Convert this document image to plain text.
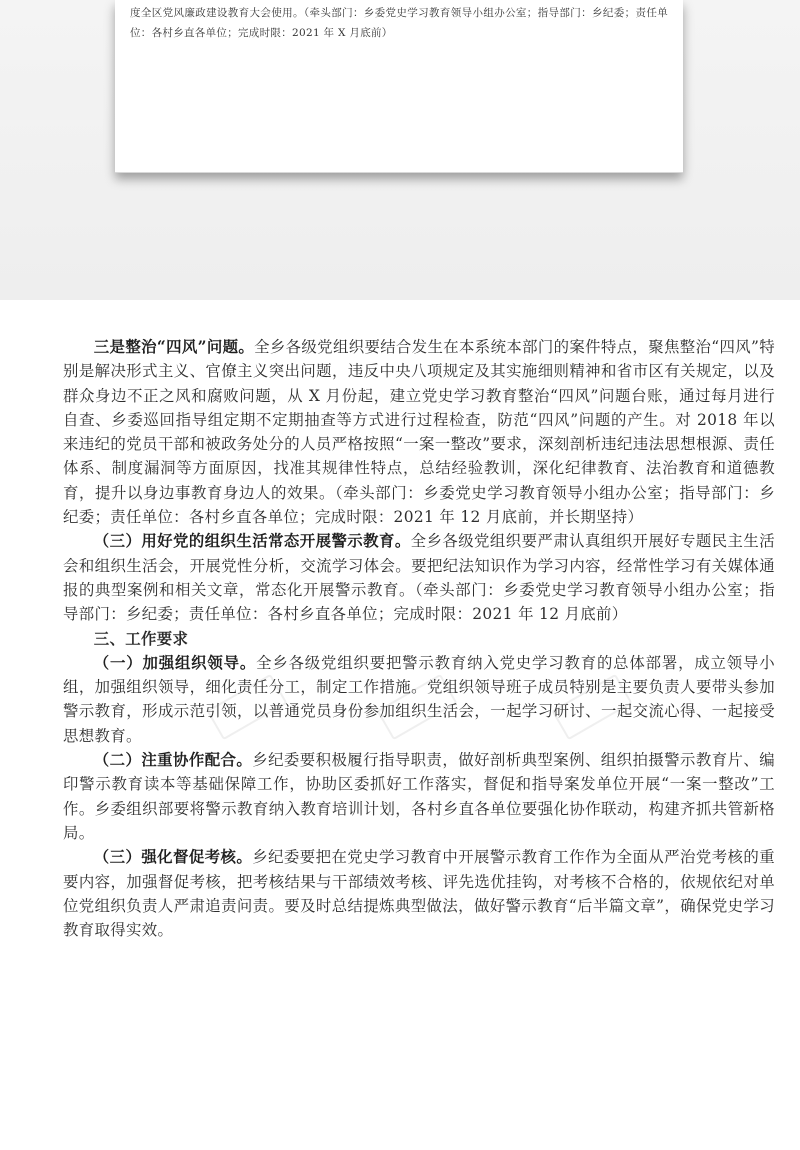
度全区党风廉政建设教育大会使用。（牵头部门：乡委党史学习教育领导小组办公室；指导部门：乡纪委；责任单位：各村乡直各单位；完成时限：2021 年 X 月底前）

三是整治“四风”问题。全乡各级党组织要结合发生在本系统本部门的案件特点，聚焦整治“四风”特别是解决形式主义、官僚主义突出问题，违反中央八项规定及其实施细则精神和省市区有关规定，以及群众身边不正之风和腐败问题，从 X 月份起，建立党史学习教育整治“四风”问题台账，通过每月进行自查、乡委巡回指导组定期不定期抽查等方式进行过程检查，防范“四风”问题的产生。对 2018 年以来违纪的党员干部和被政务处分的人员严格按照“一案一整改”要求，深刻剖析违纪违法思想根源、责任体系、制度漏洞等方面原因，找准其规律性特点，总结经验教训，深化纪律教育、法治教育和道德教育，提升以身边事教育身边人的效果。（牵头部门：乡委党史学习教育领导小组办公室；指导部门：乡纪委；责任单位：各村乡直各单位；完成时限：2021 年 12 月底前，并长期坚持）

（三）用好党的组织生活常态开展警示教育。全乡各级党组织要严肃认真组织开展好专题民主生活会和组织生活会，开展党性分析，交流学习体会。要把纪法知识作为学习内容，经常性学习有关媒体通报的典型案例和相关文章，常态化开展警示教育。（牵头部门：乡委党史学习教育领导小组办公室；指导部门：乡纪委；责任单位：各村乡直各单位；完成时限：2021 年 12 月底前）

三、工作要求

（一）加强组织领导。全乡各级党组织要把警示教育纳入党史学习教育的总体部署，成立领导小组，加强组织领导，细化责任分工，制定工作措施。党组织领导班子成员特别是主要负责人要带头参加警示教育，形成示范引领，以普通党员身份参加组织生活会，一起学习研讨、一起交流心得、一起接受思想教育。

（二）注重协作配合。乡纪委要积极履行指导职责，做好剖析典型案例、组织拍摄警示教育片、编印警示教育读本等基础保障工作，协助区委抓好工作落实，督促和指导案发单位开展“一案一整改”工作。乡委组织部要将警示教育纳入教育培训计划，各村乡直各单位要强化协作联动，构建齐抓共管新格局。

（三）强化督促考核。乡纪委要把在党史学习教育中开展警示教育工作作为全面从严治党考核的重要内容，加强督促考核，把考核结果与干部绩效考核、评先选优挂钩，对考核不合格的，依规依纪对单位党组织负责人严肃追责问责。要及时总结提炼典型做法，做好警示教育“后半篇文章”，确保党史学习教育取得实效。
